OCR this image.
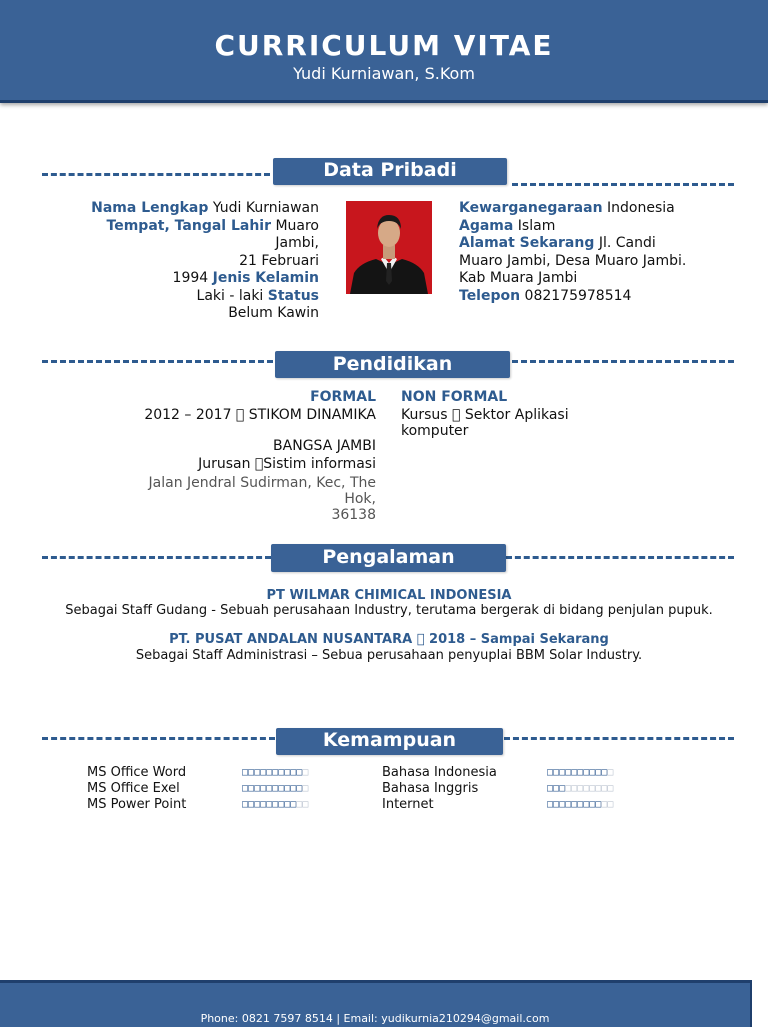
CURRICULUM VITAE
Yudi Kurniawan, S.Kom
Data Pribadi
Nama Lengkap Yudi Kurniawan
Tempat, Tangal Lahir Muaro
Jambi,
21 Februari
1994 Jenis Kelamin
Laki - laki Status
Belum Kawin
Kewarganegaraan Indonesia
Agama Islam
Alamat Sekarang Jl. Candi
Muaro Jambi, Desa Muaro Jambi.
Kab Muara Jambi
Telepon 082175978514
Pendidikan
FORMAL
2012 – 2017 STIKOM DINAMIKA
BANGSA JAMBI
Jurusan Sistim informasi
Jalan Jendral Sudirman, Kec, The
Hok,
36138
NON FORMAL
Kursus Sektor Aplikasi
komputer
Pengalaman
PT WILMAR CHIMICAL INDONESIA
Sebagai Staff Gudang - Sebuah perusahaan Industry, terutama bergerak di bidang penjulan pupuk.
PT. PUSAT ANDALAN NUSANTARA 2018 – Sampai Sekarang
Sebagai Staff Administrasi – Sebua perusahaan penyuplai BBM Solar Industry.
Kemampuan
MS Office Word
MS Office Exel
MS Power Point
Bahasa Indonesia
Bahasa Inggris
Internet
□□□□□□□□□□□
□□□□□□□□□□□
□□□□□□□□□□□
□□□□□□□□□□□
□□□□□□□□□□□
□□□□□□□□□□□
Phone: 0821 7597 8514 | Email: yudikurnia210294@gmail.com
